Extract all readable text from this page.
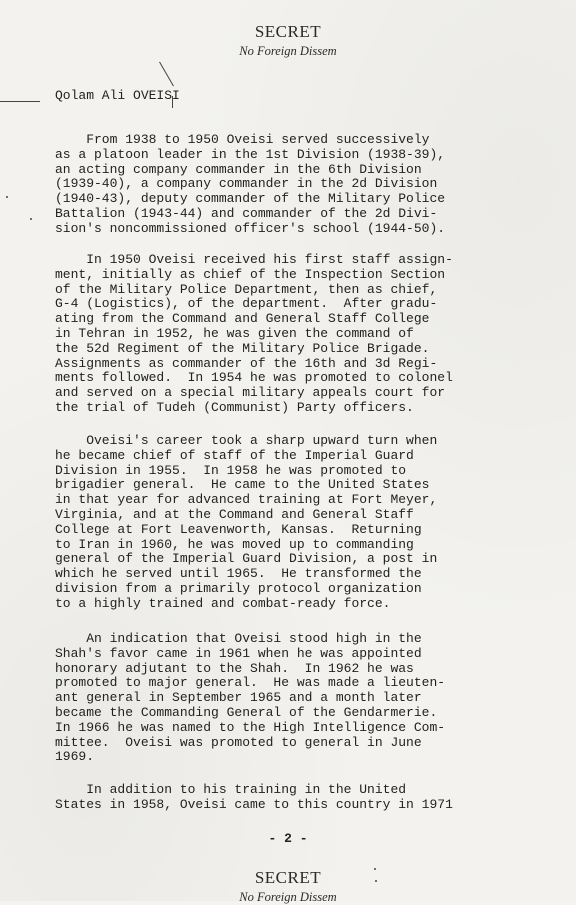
SECRET
No Foreign Dissem
Qolam Ali OVEISI
From 1938 to 1950 Oveisi served successively
as a platoon leader in the 1st Division (1938-39),
an acting company commander in the 6th Division
(1939-40), a company commander in the 2d Division
(1940-43), deputy commander of the Military Police
Battalion (1943-44) and commander of the 2d Divi-
sion's noncommissioned officer's school (1944-50).
In 1950 Oveisi received his first staff assign-
ment, initially as chief of the Inspection Section
of the Military Police Department, then as chief,
G-4 (Logistics), of the department.  After gradu-
ating from the Command and General Staff College
in Tehran in 1952, he was given the command of
the 52d Regiment of the Military Police Brigade.
Assignments as commander of the 16th and 3d Regi-
ments followed.  In 1954 he was promoted to colonel
and served on a special military appeals court for
the trial of Tudeh (Communist) Party officers.
Oveisi's career took a sharp upward turn when
he became chief of staff of the Imperial Guard
Division in 1955.  In 1958 he was promoted to
brigadier general.  He came to the United States
in that year for advanced training at Fort Meyer,
Virginia, and at the Command and General Staff
College at Fort Leavenworth, Kansas.  Returning
to Iran in 1960, he was moved up to commanding
general of the Imperial Guard Division, a post in
which he served until 1965.  He transformed the
division from a primarily protocol organization
to a highly trained and combat-ready force.
An indication that Oveisi stood high in the
Shah's favor came in 1961 when he was appointed
honorary adjutant to the Shah.  In 1962 he was
promoted to major general.  He was made a lieuten-
ant general in September 1965 and a month later
became the Commanding General of the Gendarmerie.
In 1966 he was named to the High Intelligence Com-
mittee.  Oveisi was promoted to general in June
1969.
In addition to his training in the United
States in 1958, Oveisi came to this country in 1971
- 2 -
SECRET
No Foreign Dissem
